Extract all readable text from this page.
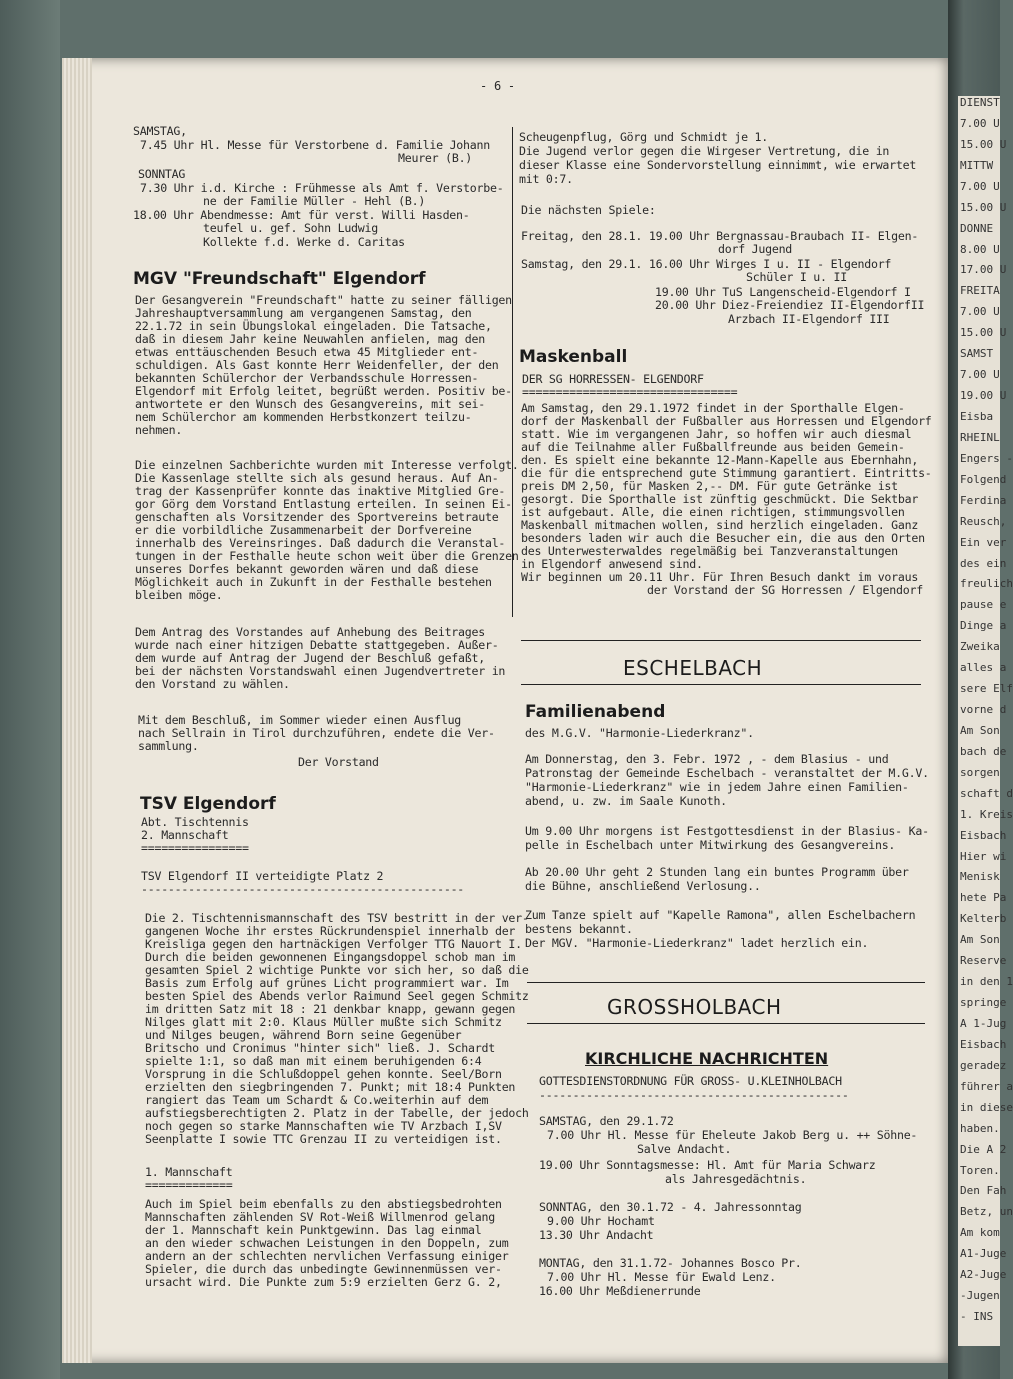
DIENST
7.00 U
15.00 U
MITTW
7.00 U
15.00 U
DONNE
8.00 U
17.00 U
FREITA
7.00 U
15.00 U
SAMST
7.00 U
19.00 U
Eisba
RHEINL
Engers -
Folgend
Ferdina
Reusch,
Ein ver
des ein
freulich
pause e
Dinge a
Zweika
alles a
sere Elf
vorne d
Am Son
bach de
sorgen
schaft d
1. Kreis
Eisbach
Hier wi
Menisk
hete Pa
Kelterb
Am Son
Reserve
in den 1
springe
A 1-Jug
Eisbach
geradez
führer a
in diese
haben.
Die A 2
Toren.
Den Fah
Betz, un
Am kom
A1-Juge
A2-Juge
-Jugen
- INS
- 6 -
SAMSTAG,
7.45 Uhr Hl. Messe für Verstorbene d. Familie Johann
Meurer (B.)
SONNTAG
7.30 Uhr i.d. Kirche : Frühmesse als Amt f. Verstorbe-
ne der Familie Müller - Hehl (B.)
18.00 Uhr Abendmesse: Amt für verst. Willi Hasden-
teufel u. gef. Sohn Ludwig
Kollekte f.d. Werke d. Caritas
MGV "Freundschaft" Elgendorf
Der Gesangverein "Freundschaft" hatte zu seiner fälligen
Jahreshauptversammlung am vergangenen Samstag, den
22.1.72 in sein Übungslokal eingeladen. Die Tatsache,
daß in diesem Jahr keine Neuwahlen anfielen, mag den
etwas enttäuschenden Besuch etwa 45 Mitglieder ent-
schuldigen. Als Gast konnte Herr Weidenfeller, der den
bekannten Schülerchor der Verbandsschule Horressen-
Elgendorf mit Erfolg leitet, begrüßt werden. Positiv be-
antwortete er den Wunsch des Gesangvereins, mit sei-
nem Schülerchor am kommenden Herbstkonzert teilzu-
nehmen.
Die einzelnen Sachberichte wurden mit Interesse verfolgt.
Die Kassenlage stellte sich als gesund heraus. Auf An-
trag der Kassenprüfer konnte das inaktive Mitglied Gre-
gor Görg dem Vorstand Entlastung erteilen. In seinen Ei-
genschaften als Vorsitzender des Sportvereins betraute
er die vorbildliche Zusammenarbeit der Dorfvereine
innerhalb des Vereinsringes. Daß dadurch die Veranstal-
tungen in der Festhalle heute schon weit über die Grenzen
unseres Dorfes bekannt geworden wären und daß diese
Möglichkeit auch in Zukunft in der Festhalle bestehen
bleiben möge.
Dem Antrag des Vorstandes auf Anhebung des Beitrages
wurde nach einer hitzigen Debatte stattgegeben. Außer-
dem wurde auf Antrag der Jugend der Beschluß gefaßt,
bei der nächsten Vorstandswahl einen Jugendvertreter in
den Vorstand zu wählen.
Mit dem Beschluß, im Sommer wieder einen Ausflug
nach Sellrain in Tirol durchzuführen, endete die Ver-
sammlung.
Der Vorstand
TSV Elgendorf
Abt. Tischtennis
2. Mannschaft
================
TSV Elgendorf II verteidigte Platz 2
------------------------------------------------
Die 2. Tischtennismannschaft des TSV bestritt in der ver-
gangenen Woche ihr erstes Rückrundenspiel innerhalb der
Kreisliga gegen den hartnäckigen Verfolger TTG Nauort I.
Durch die beiden gewonnenen Eingangsdoppel schob man im
gesamten Spiel 2 wichtige Punkte vor sich her, so daß die
Basis zum Erfolg auf grünes Licht programmiert war. Im
besten Spiel des Abends verlor Raimund Seel gegen Schmitz
im dritten Satz mit 18 : 21 denkbar knapp, gewann gegen
Nilges glatt mit 2:0. Klaus Müller mußte sich Schmitz
und Nilges beugen, während Born seine Gegenüber
Britscho und Cronimus "hinter sich" ließ. J. Schardt
spielte 1:1, so daß man mit einem beruhigenden 6:4
Vorsprung in die Schlußdoppel gehen konnte. Seel/Born
erzielten den siegbringenden 7. Punkt; mit 18:4 Punkten
rangiert das Team um Schardt & Co.weiterhin auf dem
aufstiegsberechtigten 2. Platz in der Tabelle, der jedoch
noch gegen so starke Mannschaften wie TV Arzbach I,SV
Seenplatte I sowie TTC Grenzau II zu verteidigen ist.
1. Mannschaft
=============
Auch im Spiel beim ebenfalls zu den abstiegsbedrohten
Mannschaften zählenden SV Rot-Weiß Willmenrod gelang
der 1. Mannschaft kein Punktgewinn. Das lag einmal
an den wieder schwachen Leistungen in den Doppeln, zum
andern an der schlechten nervlichen Verfassung einiger
Spieler, die durch das unbedingte Gewinnenmüssen ver-
ursacht wird. Die Punkte zum 5:9 erzielten Gerz G. 2,
Scheugenpflug, Görg und Schmidt je 1.
Die Jugend verlor gegen die Wirgeser Vertretung, die in
dieser Klasse eine Sondervorstellung einnimmt, wie erwartet
mit 0:7.
Die nächsten Spiele:
Freitag, den 28.1. 19.00 Uhr Bergnassau-Braubach II- Elgen-
dorf Jugend
Samstag, den 29.1. 16.00 Uhr Wirges I u. II - Elgendorf
Schüler I u. II
19.00 Uhr TuS Langenscheid-Elgendorf I
20.00 Uhr Diez-Freiendiez II-ElgendorfII
Arzbach II-Elgendorf III
Maskenball
DER SG HORRESSEN- ELGENDORF
================================
Am Samstag, den 29.1.1972 findet in der Sporthalle Elgen-
dorf der Maskenball der Fußballer aus Horressen und Elgendorf
statt. Wie im vergangenen Jahr, so hoffen wir auch diesmal
auf die Teilnahme aller Fußballfreunde aus beiden Gemein-
den. Es spielt eine bekannte 12-Mann-Kapelle aus Ebernhahn,
die für die entsprechend gute Stimmung garantiert. Eintritts-
preis DM 2,50, für Masken 2,-- DM. Für gute Getränke ist
gesorgt. Die Sporthalle ist zünftig geschmückt. Die Sektbar
ist aufgebaut. Alle, die einen richtigen, stimmungsvollen
Maskenball mitmachen wollen, sind herzlich eingeladen. Ganz
besonders laden wir auch die Besucher ein, die aus den Orten
des Unterwesterwaldes regelmäßig bei Tanzveranstaltungen
in Elgendorf anwesend sind.
Wir beginnen um 20.11 Uhr. Für Ihren Besuch dankt im voraus
der Vorstand der SG Horressen / Elgendorf
ESCHELBACH
Familienabend
des M.G.V. "Harmonie-Liederkranz".
Am Donnerstag, den 3. Febr. 1972 , - dem Blasius - und
Patronstag der Gemeinde Eschelbach - veranstaltet der M.G.V.
"Harmonie-Liederkranz" wie in jedem Jahre einen Familien-
abend, u. zw. im Saale Kunoth.
Um 9.00 Uhr morgens ist Festgottesdienst in der Blasius- Ka-
pelle in Eschelbach unter Mitwirkung des Gesangvereins.
Ab 20.00 Uhr geht 2 Stunden lang ein buntes Programm über
die Bühne, anschließend Verlosung..
Zum Tanze spielt auf "Kapelle Ramona", allen Eschelbachern
bestens bekannt.
Der MGV. "Harmonie-Liederkranz" ladet herzlich ein.
GROSSHOLBACH
KIRCHLICHE NACHRICHTEN
GOTTESDIENSTORDNUNG FÜR GROSS- U.KLEINHOLBACH
----------------------------------------------
SAMSTAG, den 29.1.72
7.00 Uhr Hl. Messe für Eheleute Jakob Berg u. ++ Söhne-
Salve Andacht.
19.00 Uhr Sonntagsmesse: Hl. Amt für Maria Schwarz
als Jahresgedächtnis.
SONNTAG, den 30.1.72 - 4. Jahressonntag
9.00 Uhr Hochamt
13.30 Uhr Andacht
MONTAG, den 31.1.72- Johannes Bosco Pr.
7.00 Uhr Hl. Messe für Ewald Lenz.
16.00 Uhr Meßdienerrunde
